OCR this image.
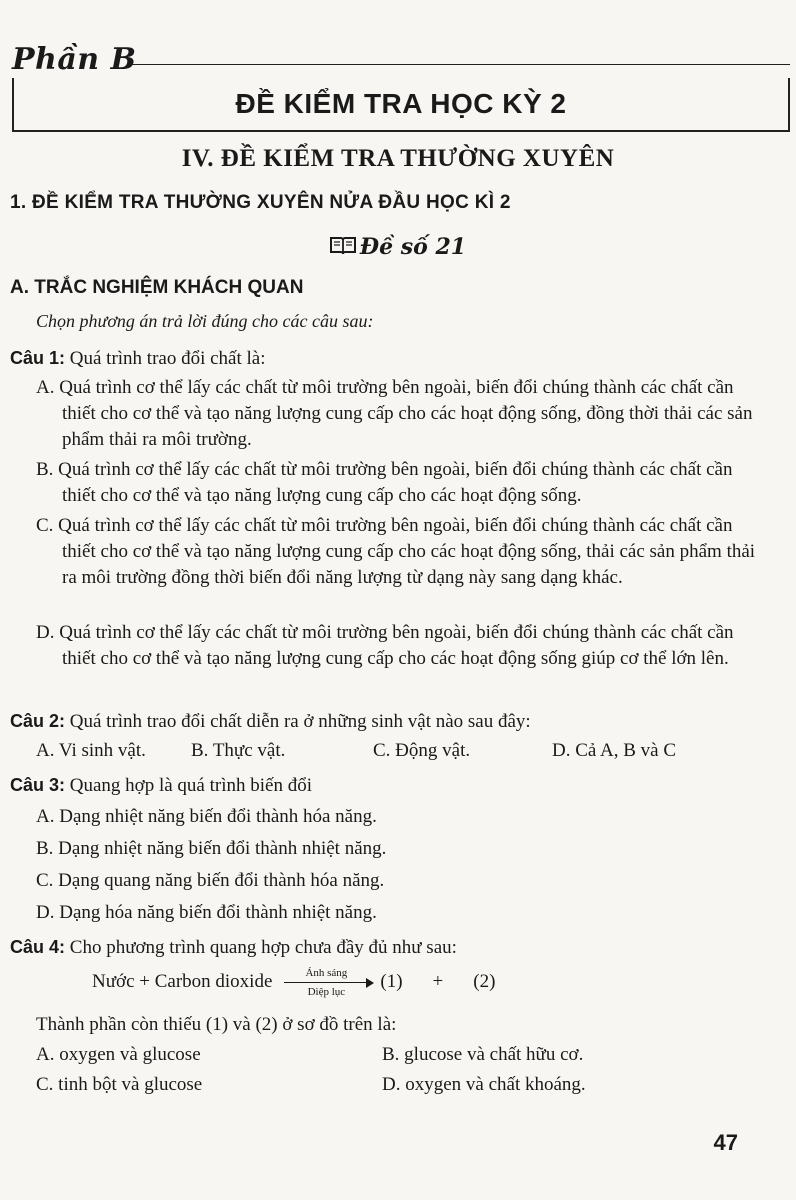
Phần B
ĐỀ KIỂM TRA HỌC KỲ 2
IV. ĐỀ KIỂM TRA THƯỜNG XUYÊN
1. ĐỀ KIỂM TRA THƯỜNG XUYÊN NỬA ĐẦU HỌC KÌ 2
Đề số 21
A. TRẮC NGHIỆM KHÁCH QUAN
Chọn phương án trả lời đúng cho các câu sau:
Câu 1: Quá trình trao đổi chất là:
A. Quá trình cơ thể lấy các chất từ môi trường bên ngoài, biến đổi chúng thành các chất cần thiết cho cơ thể và tạo năng lượng cung cấp cho các hoạt động sống, đồng thời thải các sản phẩm thải ra môi trường.
B. Quá trình cơ thể lấy các chất từ môi trường bên ngoài, biến đổi chúng thành các chất cần thiết cho cơ thể và tạo năng lượng cung cấp cho các hoạt động sống.
C. Quá trình cơ thể lấy các chất từ môi trường bên ngoài, biến đổi chúng thành các chất cần thiết cho cơ thể và tạo năng lượng cung cấp cho các hoạt động sống, thải các sản phẩm thải ra môi trường đồng thời biến đổi năng lượng từ dạng này sang dạng khác.
D. Quá trình cơ thể lấy các chất từ môi trường bên ngoài, biến đổi chúng thành các chất cần thiết cho cơ thể và tạo năng lượng cung cấp cho các hoạt động sống giúp cơ thể lớn lên.
Câu 2: Quá trình trao đổi chất diễn ra ở những sinh vật nào sau đây:
A. Vi sinh vật. B. Thực vật.	C. Động vật.	D. Cả A, B và C
Câu 3: Quang hợp là quá trình biến đổi
A. Dạng nhiệt năng biến đổi thành hóa năng.
B. Dạng nhiệt năng biến đổi thành nhiệt năng.
C. Dạng quang năng biến đổi thành hóa năng.
D. Dạng hóa năng biến đổi thành nhiệt năng.
Câu 4: Cho phương trình quang hợp chưa đầy đủ như sau:
Nước + Carbon dioxide	Ánh sáng
Diệp lục	(1) + (2)
Thành phần còn thiếu (1) và (2) ở sơ đồ trên là:
A. oxygen và glucose	B. glucose và chất hữu cơ.
C. tinh bột và glucose	D. oxygen và chất khoáng.
47
